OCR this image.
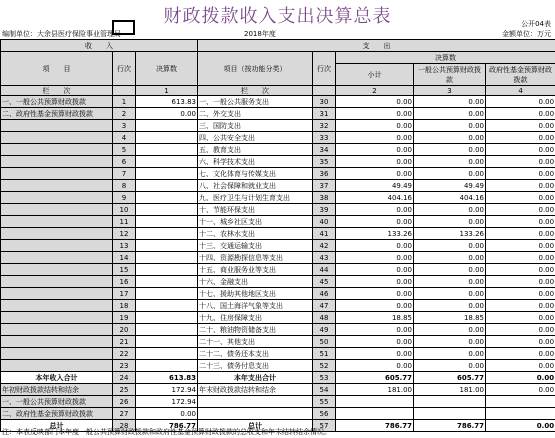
财政拨款收入支出决算总表	公开04表
编制单位：大余县医疗保险事业管理局	2018年度	金额单位：万元
收　　入			支　　出				
项　　目	行次	决算数	项目（按功能分类）	行次	决算数		
					小计	一般公共预算财政拨款	政府性基金预算财政拨款
栏　　次		1	栏　　次		2	3	4
一、一般公共预算财政拨款	1	613.83	一、一般公共服务支出	30	0.00	0.00	0.00
二、政府性基金预算财政拨款	2	0.00	二、外交支出	31	0.00	0.00	0.00
	3		三、国防支出	32	0.00	0.00	0.00
	4		四、公共安全支出	33	0.00	0.00	0.00
	5		五、教育支出	34	0.00	0.00	0.00
	6		六、科学技术支出	35	0.00	0.00	0.00
	7		七、文化体育与传媒支出	36	0.00	0.00	0.00
	8		八、社会保障和就业支出	37	49.49	49.49	0.00
	9		九、医疗卫生与计划生育支出	38	404.16	404.16	0.00
	10		十、节能环保支出	39	0.00	0.00	0.00
	11		十一、城乡社区支出	40	0.00	0.00	0.00
	12		十二、农林水支出	41	133.26	133.26	0.00
	13		十三、交通运输支出	42	0.00	0.00	0.00
	14		十四、资源勘探信息等支出	43	0.00	0.00	0.00
	15		十五、商业服务业等支出	44	0.00	0.00	0.00
	16		十六、金融支出	45	0.00	0.00	0.00
	17		十七、援助其他地区支出	46	0.00	0.00	0.00
	18		十八、国土海洋气象等支出	47	0.00	0.00	0.00
	19		十九、住房保障支出	48	18.85	18.85	0.00
	20		二十、粮油物资储备支出	49	0.00	0.00	0.00
	21		二十一、其他支出	50	0.00	0.00	0.00
	22		二十二、债务还本支出	51	0.00	0.00	0.00
	23		二十三、债务付息支出	52	0.00	0.00	0.00
本年收入合计	24	613.83	本年支出合计	53	605.77	605.77	0.00
年初财政拨款结转和结余	25	172.94	年末财政拨款结转和结余	54	181.00	181.00	0.00
一、一般公共预算财政拨款	26	172.94		55			
二、政府性基金预算财政拨款	27	0.00		56			
总计	28	786.77	总计	57	786.77	786.77	0.00
注：本表反映部门本年度一般公共预算财政拨款和政府性基金预算财政拨款的总收支和年末结转结余情况。
